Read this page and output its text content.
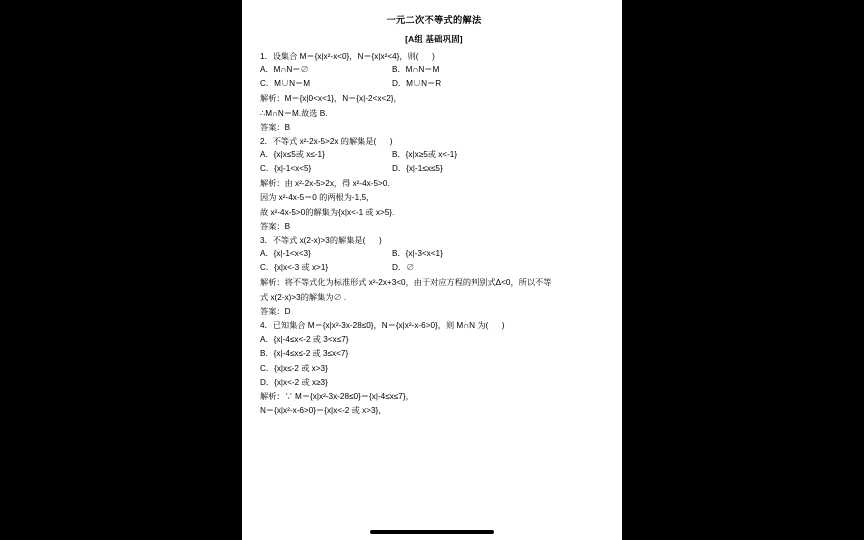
一元二次不等式的解法
[A组 基础巩固]
1．设集合 M＝{x|x²-x<0}，N＝{x|x²<4}，则(      )
A．M∩N＝∅	B．M∩N＝M
C．M∪N＝M	D．M∪N＝R
解析：M＝{x|0<x<1}，N＝{x|-2<x<2}，
∴M∩N＝M.故选 B.
答案：B
2．不等式 x²-2x-5>2x 的解集是(      )
A．{x|x≤5或 x≤-1}	B．{x|x≥5或 x<-1}
C．{x|-1<x<5}	D．{x|-1≤x≤5}
解析：由 x²-2x-5>2x，得 x²-4x-5>0.
因为 x²-4x-5＝0 的两根为-1,5，
故 x²-4x-5>0的解集为{x|x<-1 或 x>5}.
答案：B
3．不等式 x(2-x)>3的解集是(      )
A．{x|-1<x<3}	B．{x|-3<x<1}
C．{x|x<-3 或 x>1}	D．∅
解析：将不等式化为标准形式 x²-2x+3<0，由于对应方程的判别式Δ<0，所以不等
式 x(2-x)>3的解集为∅ .
答案：D
4．已知集合 M＝{x|x²-3x-28≤0}，N＝{x|x²-x-6>0}，则 M∩N 为(      )
A．{x|-4≤x<-2 或 3<x≤7}
B．{x|-4≤x≤-2 或 3≤x<7}
C．{x|x≤-2 或 x>3}
D．{x|x<-2 或 x≥3}
解析：∵ M＝{x|x²-3x-28≤0}＝{x|-4≤x≤7}，
N＝{x|x²-x-6>0}＝{x|x<-2 或 x>3}，
